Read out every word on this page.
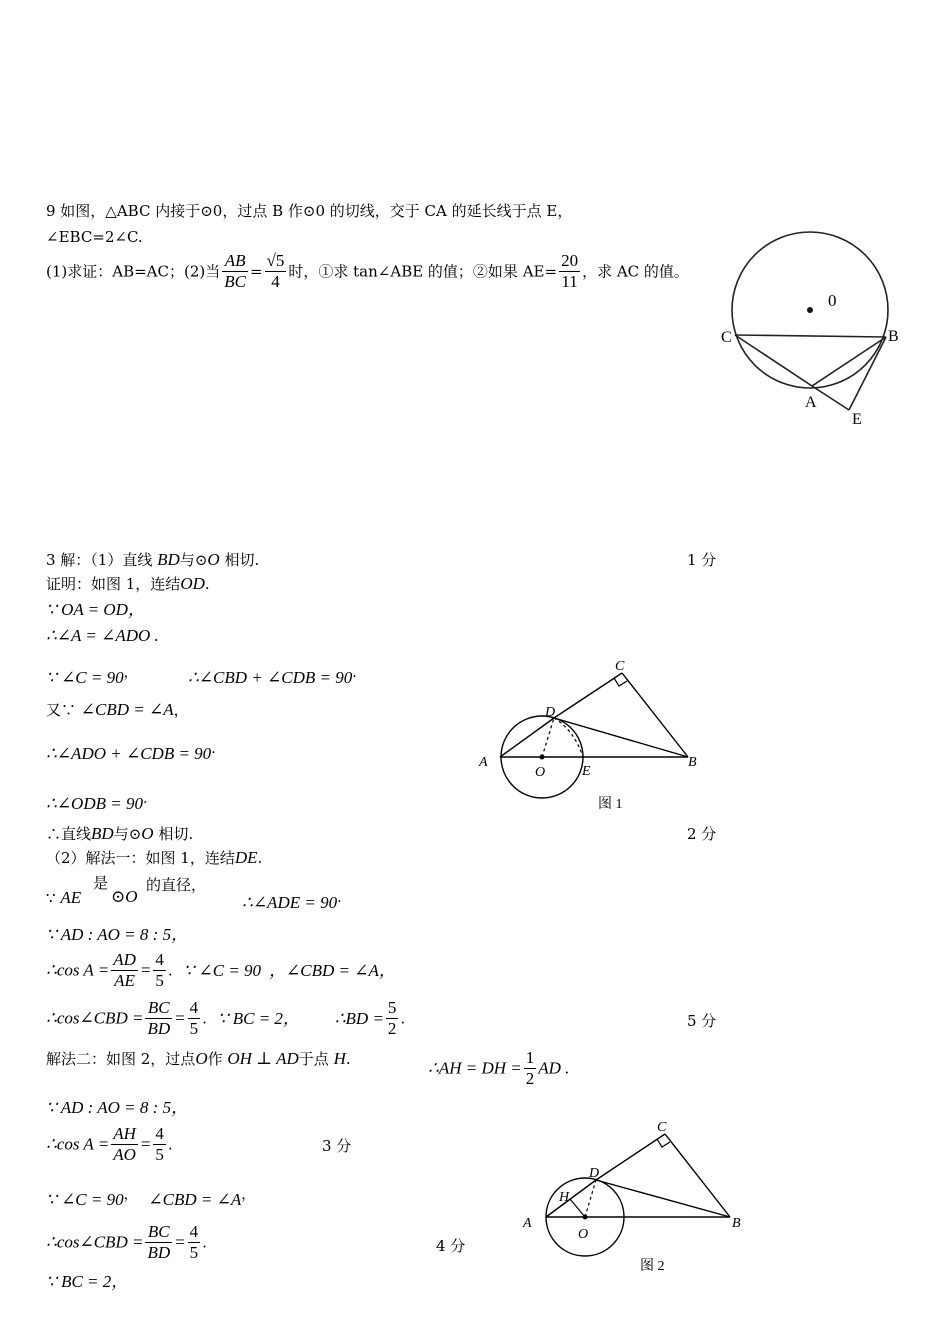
9 如图，△ABC 内接于⊙0，过点 B 作⊙0 的切线，交于 CA 的延长线于点 E，
∠EBC=2∠C.
(1)求证：AB=AC；(2)当 $\frac{AB}{BC} = \frac{√5}{4}$ 时，①求 tan∠ABE 的值；②如果 $AE= \frac{20}{11}$ ，求 AC 的值。
0
C	B
A
E
3 解：（1）直线 BD与⊙O 相切.	1 分
证明：如图 1，连结OD.
∵ OA = OD，
∴∠A = ∠ADO .
∵ ∠C = 90，	∴∠CBD + ∠CDB = 90.
又∵ ∠CBD = ∠A，
∴∠ADO + ∠CDB = 90.
∴∠ODB = 90.
∴直线BD与⊙O 相切.	2 分
（2）解法一：如图 1，连结DE.
∵ AE
是
⊙O
的直径，
∴∠ADE = 90.
∵ AD : AO = 8 : 5，
∴cos $A = \frac{AD}{AE} = \frac{4}{5}$ . ∵ ∠C = 90 ，∠CBD = ∠A，
∴cos∠CBD = $\frac{BC}{BD} = \frac{4}{5}$ . ∵ BC = 2， ∴BD = $\frac{5}{2}$ .	5 分
解法二：如图 2，过点O作 OH ⊥ AD于点 H.	∴AH = DH = $\frac{1}{2}$ AD .
∵ AD : AO = 8 : 5，
∴cos $A = \frac{AH}{AO} = \frac{4}{5}$ .	3 分
∵ ∠C = 90， ∠CBD = ∠A，
∴cos∠CBD = $\frac{BC}{BD} = \frac{4}{5}$ .	4 分
∵ BC = 2，
C
D
A
O	E
B
图 1
C
D
H
A
O
B
图 2
